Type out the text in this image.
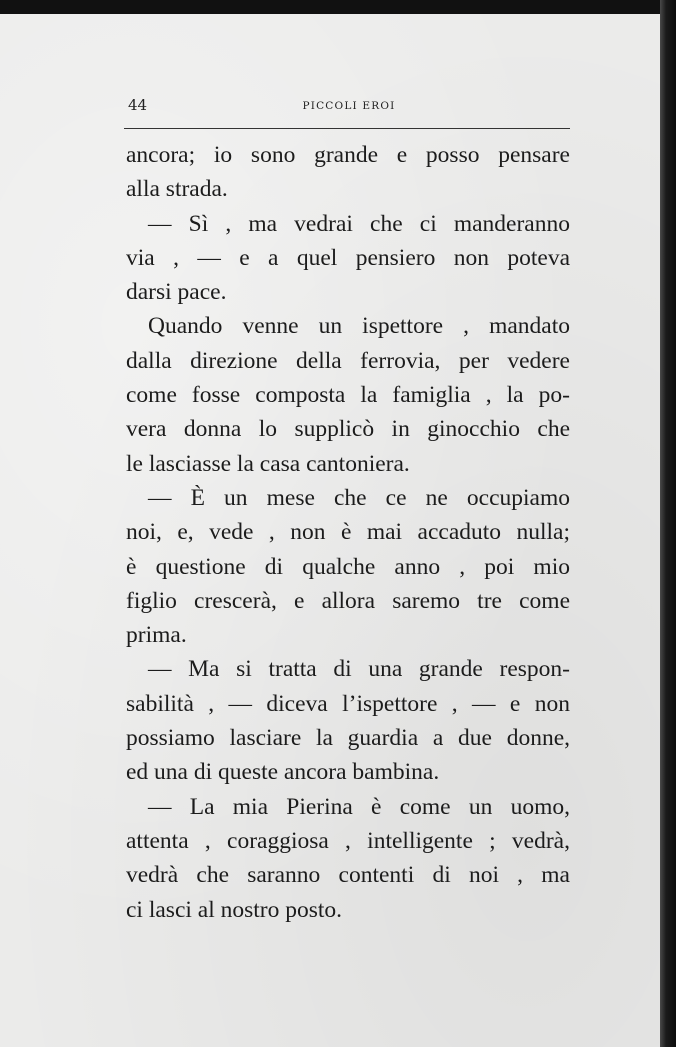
44	PICCOLI EROI
ancora; io sono grande e posso pensare
alla strada.
— Sì , ma vedrai che ci manderanno
via , — e a quel pensiero non poteva
darsi pace.
Quando venne un ispettore , mandato
dalla direzione della ferrovia, per vedere
come fosse composta la famiglia , la po-
vera donna lo supplicò in ginocchio che
le lasciasse la casa cantoniera.
— È un mese che ce ne occupiamo
noi, e, vede , non è mai accaduto nulla;
è questione di qualche anno , poi mio
figlio crescerà, e allora saremo tre come
prima.
— Ma si tratta di una grande respon-
sabilità , — diceva l’ispettore , — e non
possiamo lasciare la guardia a due donne,
ed una di queste ancora bambina.
— La mia Pierina è come un uomo,
attenta , coraggiosa , intelligente ; vedrà,
vedrà che saranno contenti di noi , ma
ci lasci al nostro posto.
